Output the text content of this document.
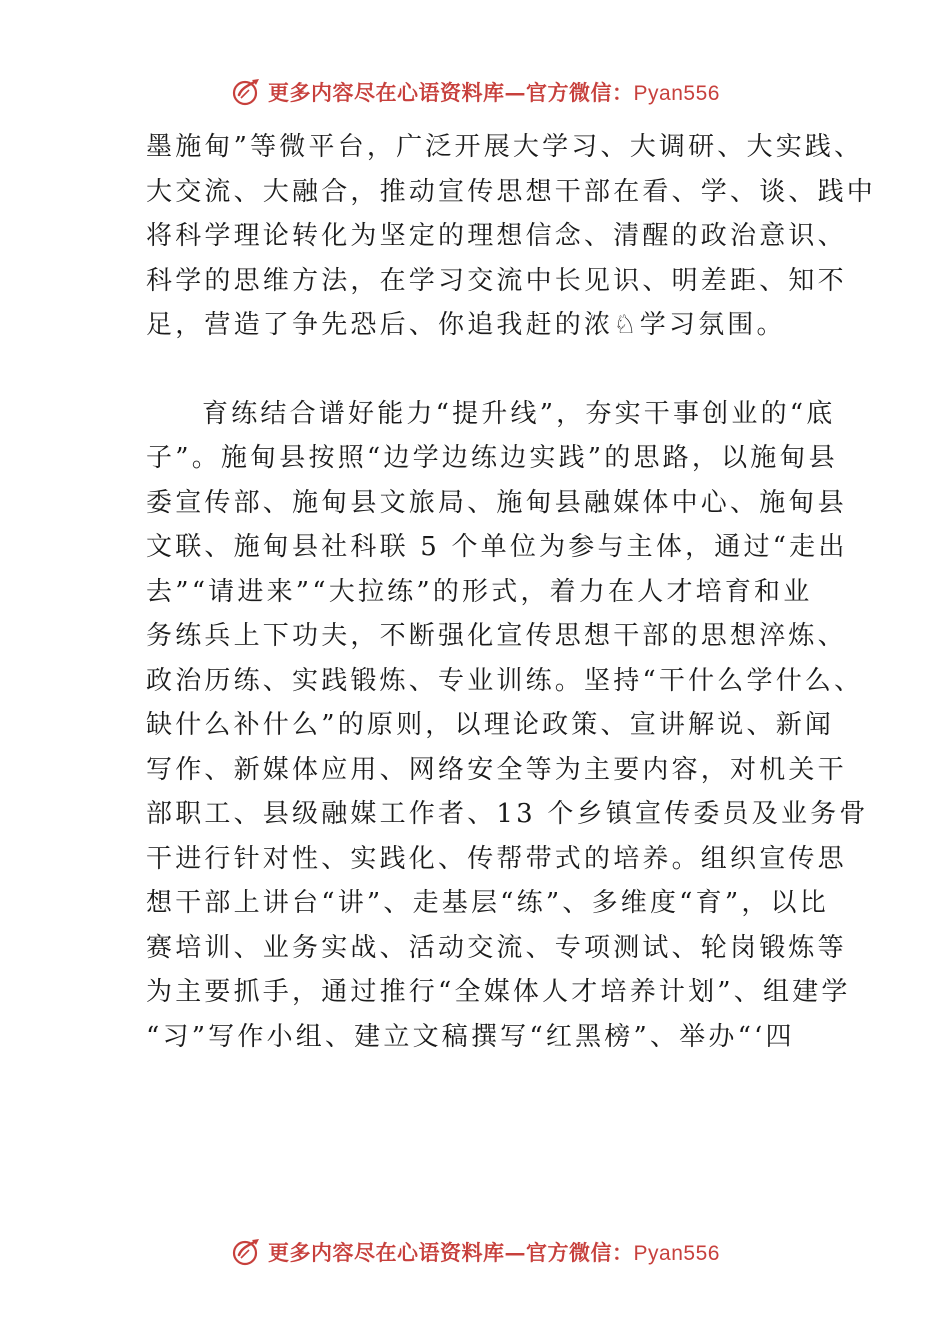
更多内容尽在心语资料库—官方微信：Pyan556
墨施甸”等微平台，广泛开展大学习、大调研、大实践、
大交流、大融合，推动宣传思想干部在看、学、谈、践中
将科学理论转化为坚定的理想信念、清醒的政治意识、
科学的思维方法，在学习交流中长见识、明差距、知不
足，营造了争先恐后、你追我赶的浓♘学习氛围。
育练结合谱好能力“提升线”，夯实干事创业的“底
子”。施甸县按照“边学边练边实践”的思路，以施甸县
委宣传部、施甸县文旅局、施甸县融媒体中心、施甸县
文联、施甸县社科联 5 个单位为参与主体，通过“走出
去”“请进来”“大拉练”的形式，着力在人才培育和业
务练兵上下功夫，不断强化宣传思想干部的思想淬炼、
政治历练、实践锻炼、专业训练。坚持“干什么学什么、
缺什么补什么”的原则，以理论政策、宣讲解说、新闻
写作、新媒体应用、网络安全等为主要内容，对机关干
部职工、县级融媒工作者、13 个乡镇宣传委员及业务骨
干进行针对性、实践化、传帮带式的培养。组织宣传思
想干部上讲台“讲”、走基层“练”、多维度“育”，以比
赛培训、业务实战、活动交流、专项测试、轮岗锻炼等
为主要抓手，通过推行“全媒体人才培养计划”、组建学
“习”写作小组、建立文稿撰写“红黑榜”、举办“‘四
更多内容尽在心语资料库—官方微信：Pyan556
